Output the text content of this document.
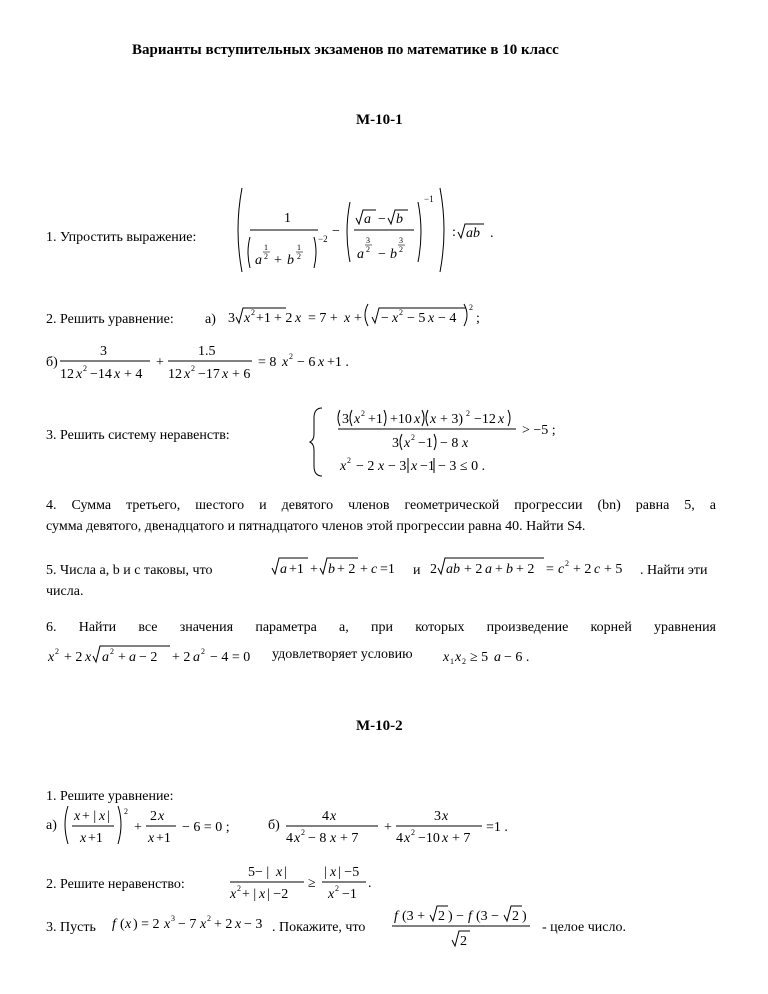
Варианты вступительных экзаменов по математике в 10 класс
М-10-1
1. Упростить выражение:
1
a
1
2 + b
1
2
−2 −
a − b
a
3
2 − b
3
2
−1
: ab .
2. Решить уравнение: а) 3 x 2 +1 + 2 x = 7 + x + − x 2 − 5 x − 4
2
;
б)
3
12 x 2 −14 x + 4
+
1.5
12 x 2 −17 x + 6
= 8 x 2 − 6 x +1 .
3. Решить систему неравенств:
3 x 2 +1 +10 x x + 3) 2 −12 x
3 x 2 −1 − 8 x
> −5 ;
x 2 − 2 x − 3 x −1 − 3 ≤ 0 .
4. Сумма третьего, шестого и девятого членов геометрической прогрессии (bn) равна 5, а
сумма девятого, двенадцатого и пятнадцатого членов этой прогрессии равна 40. Найти S4.
5. Числа a, b и c таковы, что	a +1 + b + 2 + c =1 и 2 ab + 2 a + b + 2 = c 2 + 2 c + 5 . Найти эти
числа.
6. Найти все значения параметра a, при которых произведение корней уравнения
x 2 + 2 x a 2 + a − 2 + 2 a 2 − 4 = 0 удовлетворяет условию x 1 x 2 ≥ 5 a − 6 .
М-10-2
1. Решите уравнение:
а)
x + | x |
x +1
2
+
2 x
x +1
− 6 = 0 ;	б)
4 x
4 x 2 − 8 x + 7
+
3 x
4 x 2 −10 x + 7
=1 .
2. Решите неравенство:
5− | x |
x 2 + | x | −2
≥
| x | −5
x 2 −1
.
3. Пусть f ( x ) = 2 x 3 − 7 x 2 + 2 x − 3 . Покажите, что
f (3 + 2 ) − f (3 − 2 )
2
- целое число.
